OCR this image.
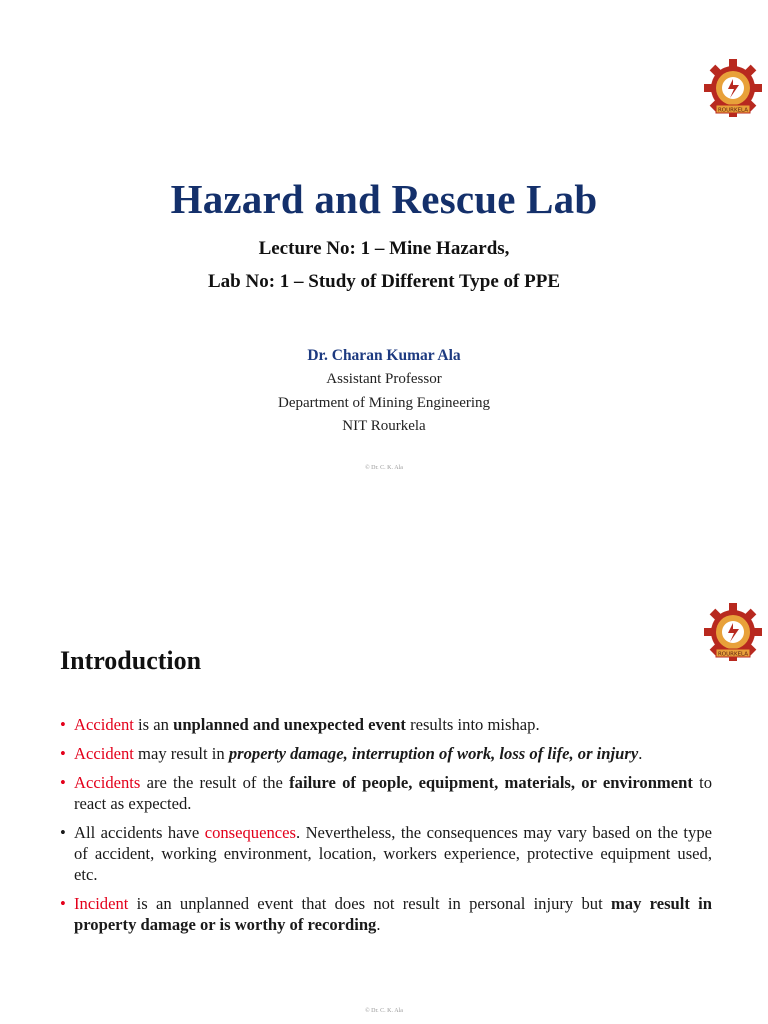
ROURKELA
Hazard and Rescue Lab
Lecture No: 1 – Mine Hazards,
Lab No: 1 – Study of Different Type of PPE
Dr. Charan Kumar Ala
Assistant Professor
Department of Mining Engineering
NIT Rourkela
© Dr. C. K. Ala
ROURKELA
Introduction
• Accident is an unplanned and unexpected event results into mishap.
• Accident may result in property damage, interruption of work, loss of life, or injury.
• Accidents are the result of the failure of people, equipment, materials, or environment to react as expected.
• All accidents have consequences. Nevertheless, the consequences may vary based on the type of accident, working environment, location, workers experience, protective equipment used, etc.
• Incident is an unplanned event that does not result in personal injury but may result in property damage or is worthy of recording.
© Dr. C. K. Ala
